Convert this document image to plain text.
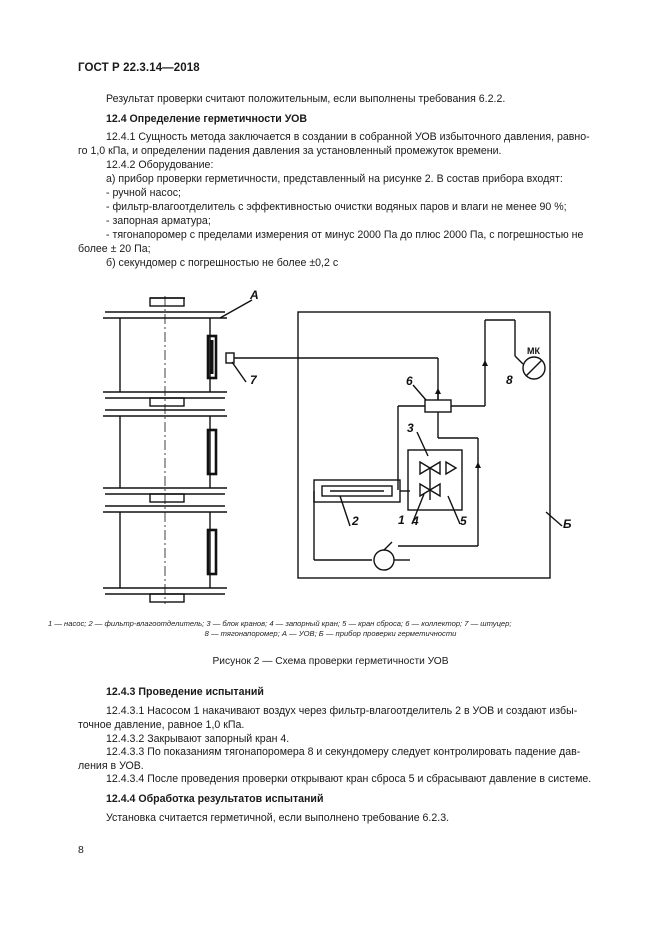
ГОСТ Р 22.3.14—2018
Результат проверки считают положительным, если выполнены требования 6.2.2.
12.4 Определение герметичности УОВ
12.4.1 Сущность метода заключается в создании в собранной УОВ избыточного давления, равно-
го 1,0 кПа, и определении падения давления за установленный промежуток времени.
12.4.2 Оборудование:
а) прибор проверки герметичности, представленный на рисунке 2. В состав прибора входят:
- ручной насос;
- фильтр-влагоотделитель с эффективностью очистки водяных паров и влаги не менее 90 %;
- запорная арматура;
- тягонапоромер с пределами измерения от минус 2000 Па до плюс 2000 Па, с погрешностью не
более ± 20 Па;
б) секундомер с погрешностью не более ±0,2 с
А
7	6
3
2	1 4	5
8
МК
Б
1 — насос; 2 — фильтр-влагоотделитель; 3 — блок кранов; 4 — запорный кран; 5 — кран сброса; 6 — коллектор; 7 — штуцер;
8 — тягонапоромер; А — УОВ; Б — прибор проверки герметичности
Рисунок 2 — Схема проверки герметичности УОВ
12.4.3 Проведение испытаний
12.4.3.1 Насосом 1 накачивают воздух через фильтр-влагоотделитель 2 в УОВ и создают избы-
точное давление, равное 1,0 кПа.
12.4.3.2 Закрывают запорный кран 4.
12.4.3.3 По показаниям тягонапоромера 8 и секундомеру следует контролировать падение дав-
ления в УОВ.
12.4.3.4 После проведения проверки открывают кран сброса 5 и сбрасывают давление в системе.
12.4.4 Обработка результатов испытаний
Установка считается герметичной, если выполнено требование 6.2.3.
8
